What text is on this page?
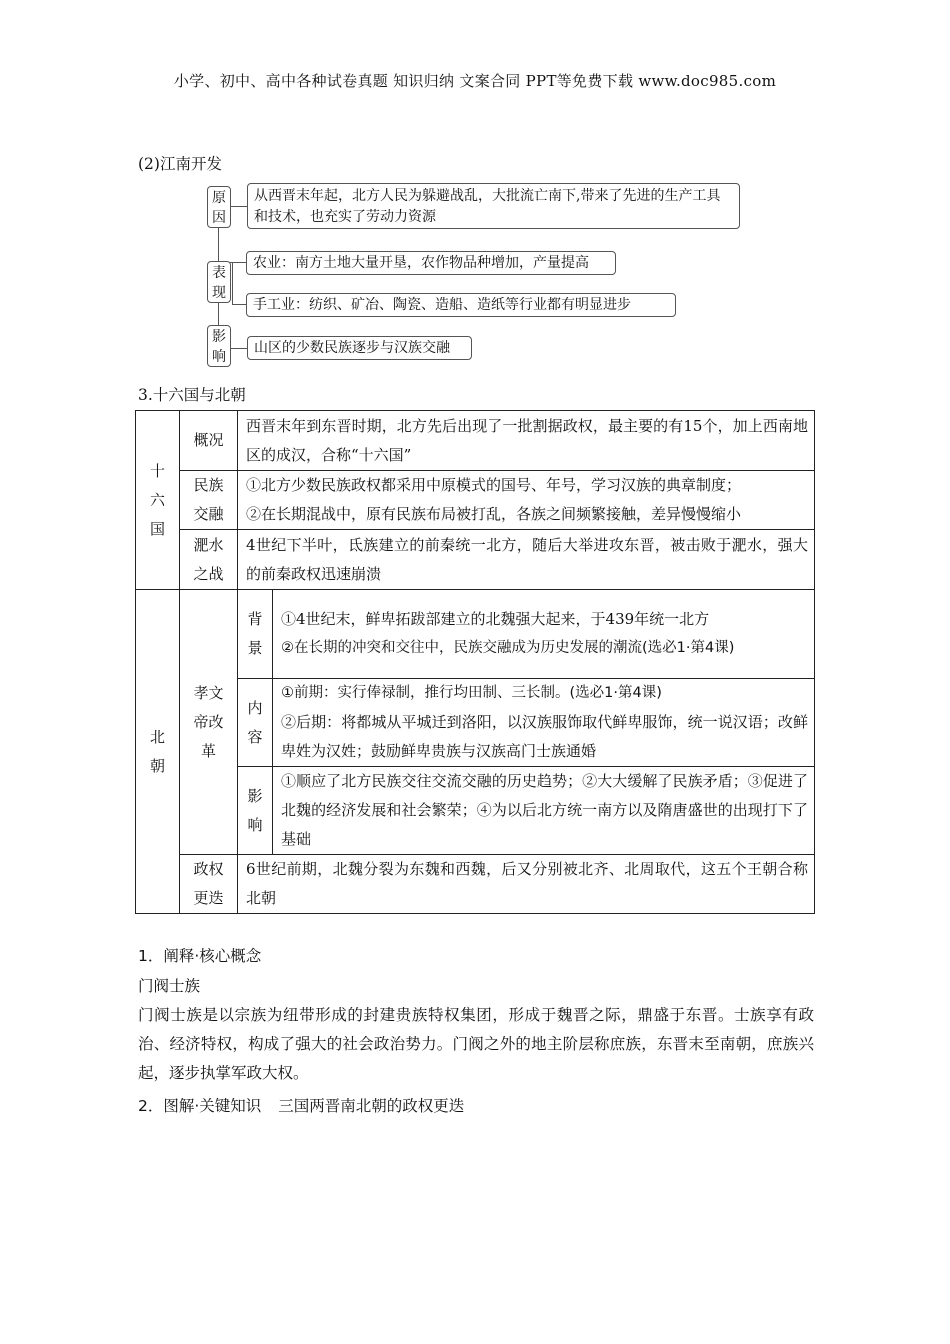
小学、初中、高中各种试卷真题 知识归纳 文案合同 PPT等免费下载 www.doc985.com
(2)江南开发
原因
表现
影响
从西晋末年起，北方人民为躲避战乱，大批流亡南下,带来了先进的生产工具和技术，也充实了劳动力资源
农业：南方土地大量开垦，农作物品种增加，产量提高
手工业：纺织、矿冶、陶瓷、造船、造纸等行业都有明显进步
山区的少数民族逐步与汉族交融
3.十六国与北朝
十六国	概况	西晋末年到东晋时期，北方先后出现了一批割据政权，最主要的有15个，加上西南地区的成汉，合称“十六国”	

	民族交融	①北方少数民族政权都采用中原模式的国号、年号，学习汉族的典章制度；
②在长期混战中，原有民族布局被打乱，各族之间频繁接触，差异慢慢缩小	

	淝水之战	4世纪下半叶，氐族建立的前秦统一北方，随后大举进攻东晋，被击败于淝水，强大的前秦政权迅速崩溃	

北朝	孝文帝改革	背景	①4世纪末，鲜卑拓跋部建立的北魏强大起来，于439年统一北方
②在长期的冲突和交往中，民族交融成为历史发展的潮流(选必1·第4课)

		内容	①前期：实行俸禄制，推行均田制、三长制。(选必1·第4课)
②后期：将都城从平城迁到洛阳，以汉族服饰取代鲜卑服饰，统一说汉语；改鲜卑姓为汉姓；鼓励鲜卑贵族与汉族高门士族通婚

		影响	①顺应了北方民族交往交流交融的历史趋势；②大大缓解了民族矛盾；③促进了北魏的经济发展和社会繁荣；④为以后北方统一南方以及隋唐盛世的出现打下了基础

	政权更迭	6世纪前期，北魏分裂为东魏和西魏，后又分别被北齐、北周取代，这五个王朝合称北朝	
1．阐释·核心概念
门阀士族
门阀士族是以宗族为纽带形成的封建贵族特权集团，形成于魏晋之际，鼎盛于东晋。士族享有政治、经济特权，构成了强大的社会政治势力。门阀之外的地主阶层称庶族，东晋末至南朝，庶族兴起，逐步执掌军政大权。
2．图解·关键知识 三国两晋南北朝的政权更迭
